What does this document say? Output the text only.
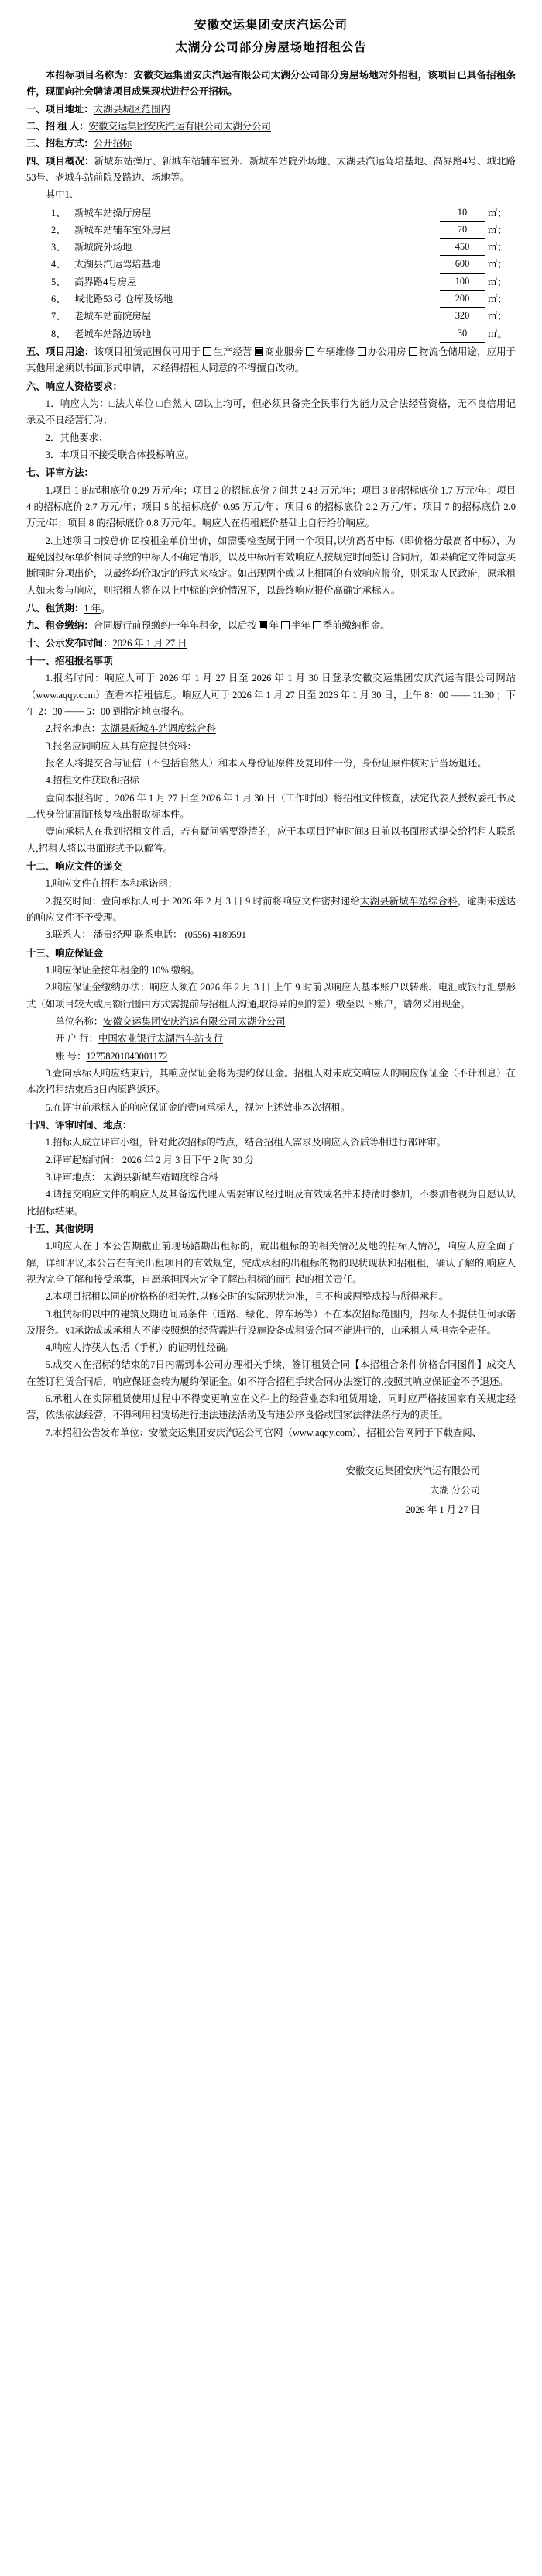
安徽交运集团安庆汽运公司
太湖分公司部分房屋场地招租公告

本招标项目名称为：安徽交运集团安庆汽运有限公司太湖分公司部分房屋场地对外招租，该项目已具备招租条件，现面向社会聘请项目成果现状进行公开招标。

一、项目地址：太湖县城区范围内

二、招 租 人：安徽交运集团安庆汽运有限公司太湖分公司

三、招租方式：公开招标

四、项目概况：新城东站操厅、新城车站辅车室外、新城车站院外场地、太湖县汽运驾培基地、高界路4号、城北路53号、老城车站前院及路边、场地等。

其中1、

	1、	新城车站操厅房屋	10	㎡；
	2、	新城车站辅车室外房屋	70	㎡；
	3、	新城院外场地	450	㎡；
	4、	太湖县汽运驾培基地	600	㎡；
	5、	高界路4号房屋	100	㎡；
	6、	城北路53号 仓库及场地	200	㎡；
	7、	老城车站前院房屋	320	㎡；
	8、	老城车站路边场地	30	㎡。

五、项目用途：该项目租赁范围仅可用于 生产经营 商业服务 车辆维修 办公用房 物流仓储用途，应用于其他用途须以书面形式申请，未经得招租人同意的不得擅自改动。

六、响应人资格要求：

1．响应人为：□法人单位 □自然人 ☑以上均可，但必须具备完全民事行为能力及合法经营资格，无不良信用记录及不良经营行为；

2．其他要求：

3．本项目不接受联合体投标响应。

七、评审方法：

1.项目 1 的起租底价 0.29 万元/年；项目 2 的招标底价 7 间共 2.43 万元/年；项目 3 的招标底价 1.7 万元/年；项目 4 的招标底价 2.7 万元/年；项目 5 的招标底价 0.95 万元/年；项目 6 的招标底价 2.2 万元/年；项目 7 的招标底价 2.0 万元/年；项目 8 的招标底价 0.8 万元/年。响应人在招租底价基础上自行给价响应。

2.上述项目 □按总价 ☑按租金单价出价，如需要检查属于同一个项目,以价高者中标（即价格分最高者中标），为避免因投标单价相同导致的中标人不确定情形，以及中标后有效响应人按规定时间签订合同后，如果确定文件同意买断同时分项出价，以最终均价取定的形式来核定。如出现两个或以上相同的有效响应报价，则采取人民政府，原承租人如未参与响应，则招租人将在以上中标的竞价情况下，以最终响应报价高确定承标人。

八、租赁期：1 年。

九、租金缴纳：合同履行前预缴约一年年租金，以后按 年 半年 季前缴纳租金。

十、公示发布时间：2026 年 1 月 27 日

十一、招租报名事项

1.报名时间：响应人可于 2026 年 1 月 27 日至 2026 年 1 月 30 日登录安徽交运集团安庆汽运有限公司网站（www.aqqy.com）查看本招租信息。响应人可于 2026 年 1 月 27 日至 2026 年 1 月 30 日，上午 8：00 —— 11:30 ；下午 2：30 —— 5：00 到指定地点报名。

2.报名地点：太湖县新城车站调度综合科

3.报名应同响应人具有应提供资料：

报名人将提交合与证信（不包括自然人）和本人身份证原件及复印件一份，身份证原件核对后当场退还。

4.招租文件获取和招标

壹向本报名时于 2026 年 1 月 27 日至 2026 年 1 月 30 日（工作时间）将招租文件核查，法定代表人授权委托书及二代身份证副证核复核出报取标本件。

壹向承标人在我到招租文件后，若有疑问需要澄清的，应于本项目评审时间3 日前以书面形式提交给招租人联系人,招租人将以书面形式予以解答。

十二、响应文件的递交

1.响应文件在招租本和承诺函；

2.提交时间：壹向承标人可于 2026 年 2 月 3 日 9 时前将响应文件密封递给太湖县新城车站综合科，逾期未送达的响应文件不予受理。

3.联系人： 潘贵经理 联系电话： (0556) 4189591

十三、响应保证金

1.响应保证金按年租金的 10% 缴纳。

2.响应保证金缴纳办法：响应人须在 2026 年 2 月 3 日 上午 9 时前以响应人基本账户以转账、电汇或银行汇票形式（如项目较大或用额行围由方式需提前与招租人沟通,取得异的到的差）缴至以下账户，请勿采用现金。

单位名称：安徽交运集团安庆汽运有限公司太湖分公司

开 户 行：中国农业银行太湖汽车站支行

账 号：12758201040001172

3.壹向承标人响应结束后，其响应保证金将为提约保证金。招租人对未成交响应人的响应保证金（不计利息）在本次招租结束后3日内原路返还。

5.在评审前承标人的响应保证金的壹向承标人，视为上述效非本次招租。

十四、评审时间、地点：

1.招标人成立评审小组，针对此次招标的特点，结合招租人需求及响应人资质等相进行部评审。

2.评审起始时间： 2026 年 2 月 3 日下午 2 时 30 分

3.评审地点： 太湖县新城车站调度综合科

4.请提交响应文件的响应人及其备选代理人需要审议经过明及有效成名并未持清时参加，不参加者视为自愿认认比招标结果。

十五、其他说明

1.响应人在于本公告期截止前现场踏勘出租标的，就出租标的的相关情况及地的招标人情况，响应人应全面了解，详细评议,本公告在有关出租项目的有效规定，完成承租的出租标的物的现状现状和招租租，确认了解的,响应人视为完全了解和接受承事，自愿承担因未完全了解出租标的而引起的相关责任。

2.本项目招租以同的价格格的相关性,以修交时的实际现状为准，且不构成两整成投与所得承租。

3.租赁标的以中的建筑及期边间局条件（道路、绿化、停车场等）不在本次招标范围内，招标人不提供任何承诺及服务。如承诺成成承租人不能按照想的经营需进行设施设备或租赁合同不能进行的，由承租人承担完全责任。

4.响应人持获人包括（手机）的证明性经确。

5.成交人在招标的结束的7日内需到本公司办理相关手续，签订租赁合同【本招租合条件价格合同图件】成交人在签订租赁合同后，响应保证金转为履约保证金。如不符合招租手续合同办法签订的,按照其响应保证金不予退还。

6.承租人在实际租赁使用过程中不得变更响应在文件上的经营业态和租赁用途，同时应严格按国家有关规定经营，依法依法经营，不得利用租赁场进行违法违法活动及有违公序良俗或国家法律法条行为的责任。

7.本招租公告发布单位：安徽交运集团安庆汽运公司官网（www.aqqy.com）、招租公告网同于下载查阅、

安徽交运集团安庆汽运有限公司
太湖 分公司
2026 年 1 月 27 日
